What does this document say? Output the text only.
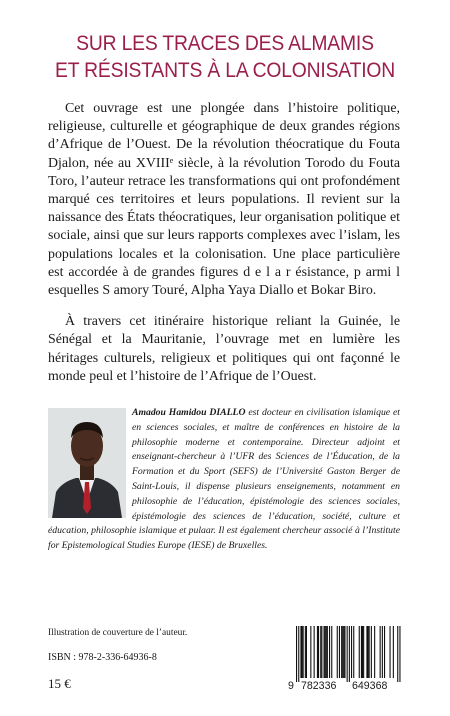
SUR LES TRACES DES ALMAMIS
ET RÉSISTANTS À LA COLONISATION

Cet ouvrage est une plongée dans l’histoire politique, religieuse, culturelle et géographique de deux grandes régions d’Afrique de l’Ouest. De la révolution théocratique du Fouta Djalon, née au XVIIIᵉ siècle, à la révolution Torodo du Fouta Toro, l’auteur retrace les transformations qui ont profondément marqué ces territoires et leurs populations. Il revient sur la naissance des États théocratiques, leur organisation politique et sociale, ainsi que sur leurs rapports complexes avec l’islam, les populations locales et la colonisation. Une place particulière est accordée à de grandes figures d e l a r ésistance, p armi l esquelles S amory Touré, Alpha Yaya Diallo et Bokar Biro.

À travers cet itinéraire historique reliant la Guinée, le Sénégal et la Mauritanie, l’ouvrage met en lumière les héritages culturels, religieux et politiques qui ont façonné le monde peul et l’histoire de l’Afrique de l’Ouest.

Amadou Hamidou DIALLO est docteur en civilisation islamique et en sciences sociales, et maître de conférences en histoire de la philosophie moderne et contemporaine. Directeur adjoint et enseignant-chercheur à l’UFR des Sciences de l’Éducation, de la Formation et du Sport (SEFS) de l’Université Gaston Berger de Saint-Louis, il dispense plusieurs enseignements, notamment en philosophie de l’éducation, épistémologie des sciences sociales, épistémologie des sciences de l’éducation, société, culture et éducation, philosophie islamique et pulaar. Il est également chercheur associé à l’Institute for Epistemological Studies Europe (IESE) de Bruxelles.
Illustration de couverture de l’auteur.
ISBN : 978-2-336-64936-8
15 €	9 782336 649368
